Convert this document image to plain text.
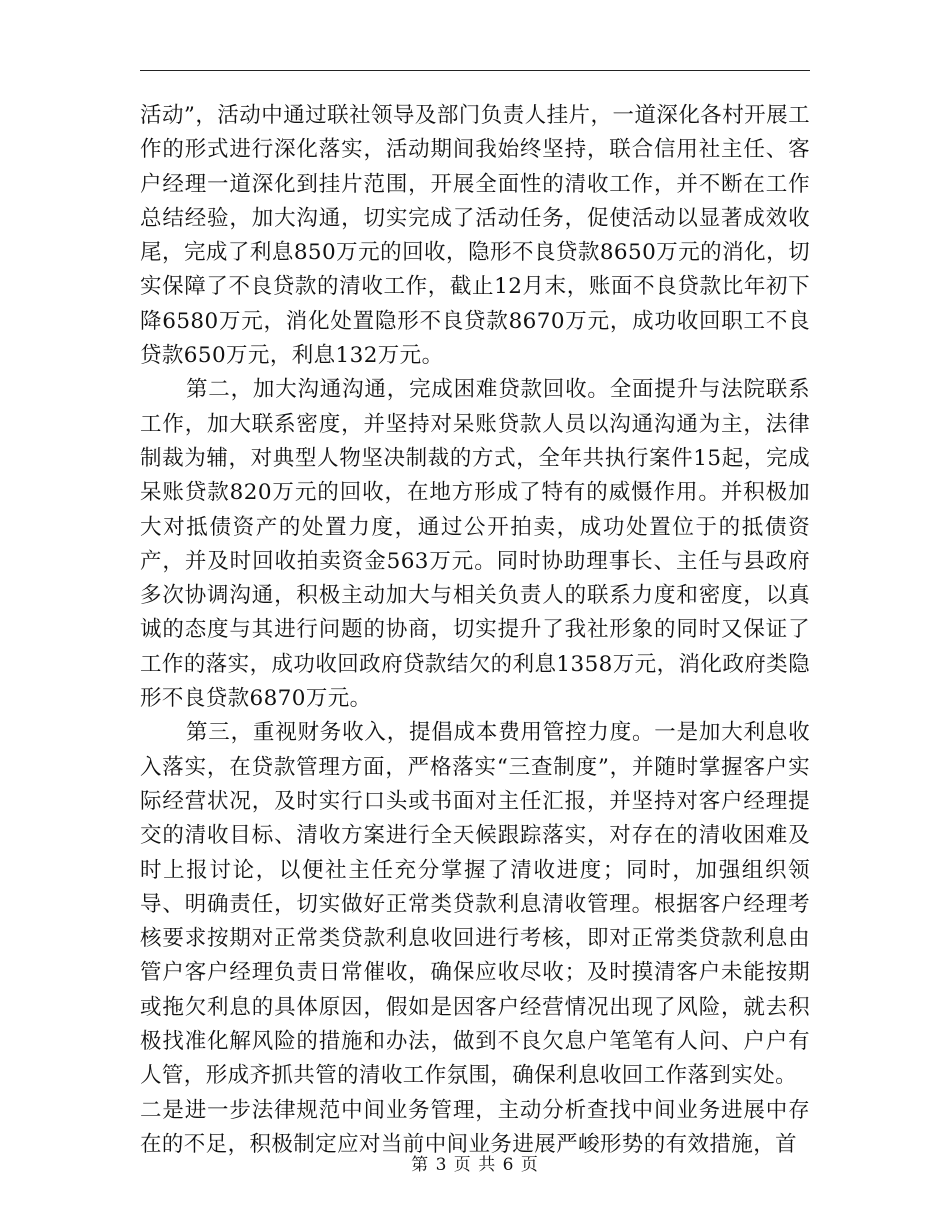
活动”，活动中通过联社领导及部门负责人挂片，一道深化各村开展工作的形式进行深化落实，活动期间我始终坚持，联合信用社主任、客户经理一道深化到挂片范围，开展全面性的清收工作，并不断在工作总结经验，加大沟通，切实完成了活动任务，促使活动以显著成效收尾，完成了利息850万元的回收，隐形不良贷款8650万元的消化，切实保障了不良贷款的清收工作，截止12月末，账面不良贷款比年初下降6580万元，消化处置隐形不良贷款8670万元，成功收回职工不良贷款650万元，利息132万元。

第二，加大沟通沟通，完成困难贷款回收。全面提升与法院联系工作，加大联系密度，并坚持对呆账贷款人员以沟通沟通为主，法律制裁为辅，对典型人物坚决制裁的方式，全年共执行案件15起，完成呆账贷款820万元的回收，在地方形成了特有的威慑作用。并积极加大对抵债资产的处置力度，通过公开拍卖，成功处置位于的抵债资产，并及时回收拍卖资金563万元。同时协助理事长、主任与县政府多次协调沟通，积极主动加大与相关负责人的联系力度和密度，以真诚的态度与其进行问题的协商，切实提升了我社形象的同时又保证了工作的落实，成功收回政府贷款结欠的利息1358万元，消化政府类隐形不良贷款6870万元。

第三，重视财务收入，提倡成本费用管控力度。一是加大利息收入落实，在贷款管理方面，严格落实“三查制度”，并随时掌握客户实际经营状况，及时实行口头或书面对主任汇报，并坚持对客户经理提交的清收目标、清收方案进行全天候跟踪落实，对存在的清收困难及时上报讨论，以便社主任充分掌握了清收进度；同时，加强组织领导、明确责任，切实做好正常类贷款利息清收管理。根据客户经理考核要求按期对正常类贷款利息收回进行考核，即对正常类贷款利息由管户客户经理负责日常催收，确保应收尽收；及时摸清客户未能按期或拖欠利息的具体原因，假如是因客户经营情况出现了风险，就去积极找准化解风险的措施和办法，做到不良欠息户笔笔有人问、户户有人管，形成齐抓共管的清收工作氛围，确保利息收回工作落到实处。

二是进一步法律规范中间业务管理，主动分析查找中间业务进展中存在的不足，积极制定应对当前中间业务进展严峻形势的有效措施，首

第 3 页 共 6 页
